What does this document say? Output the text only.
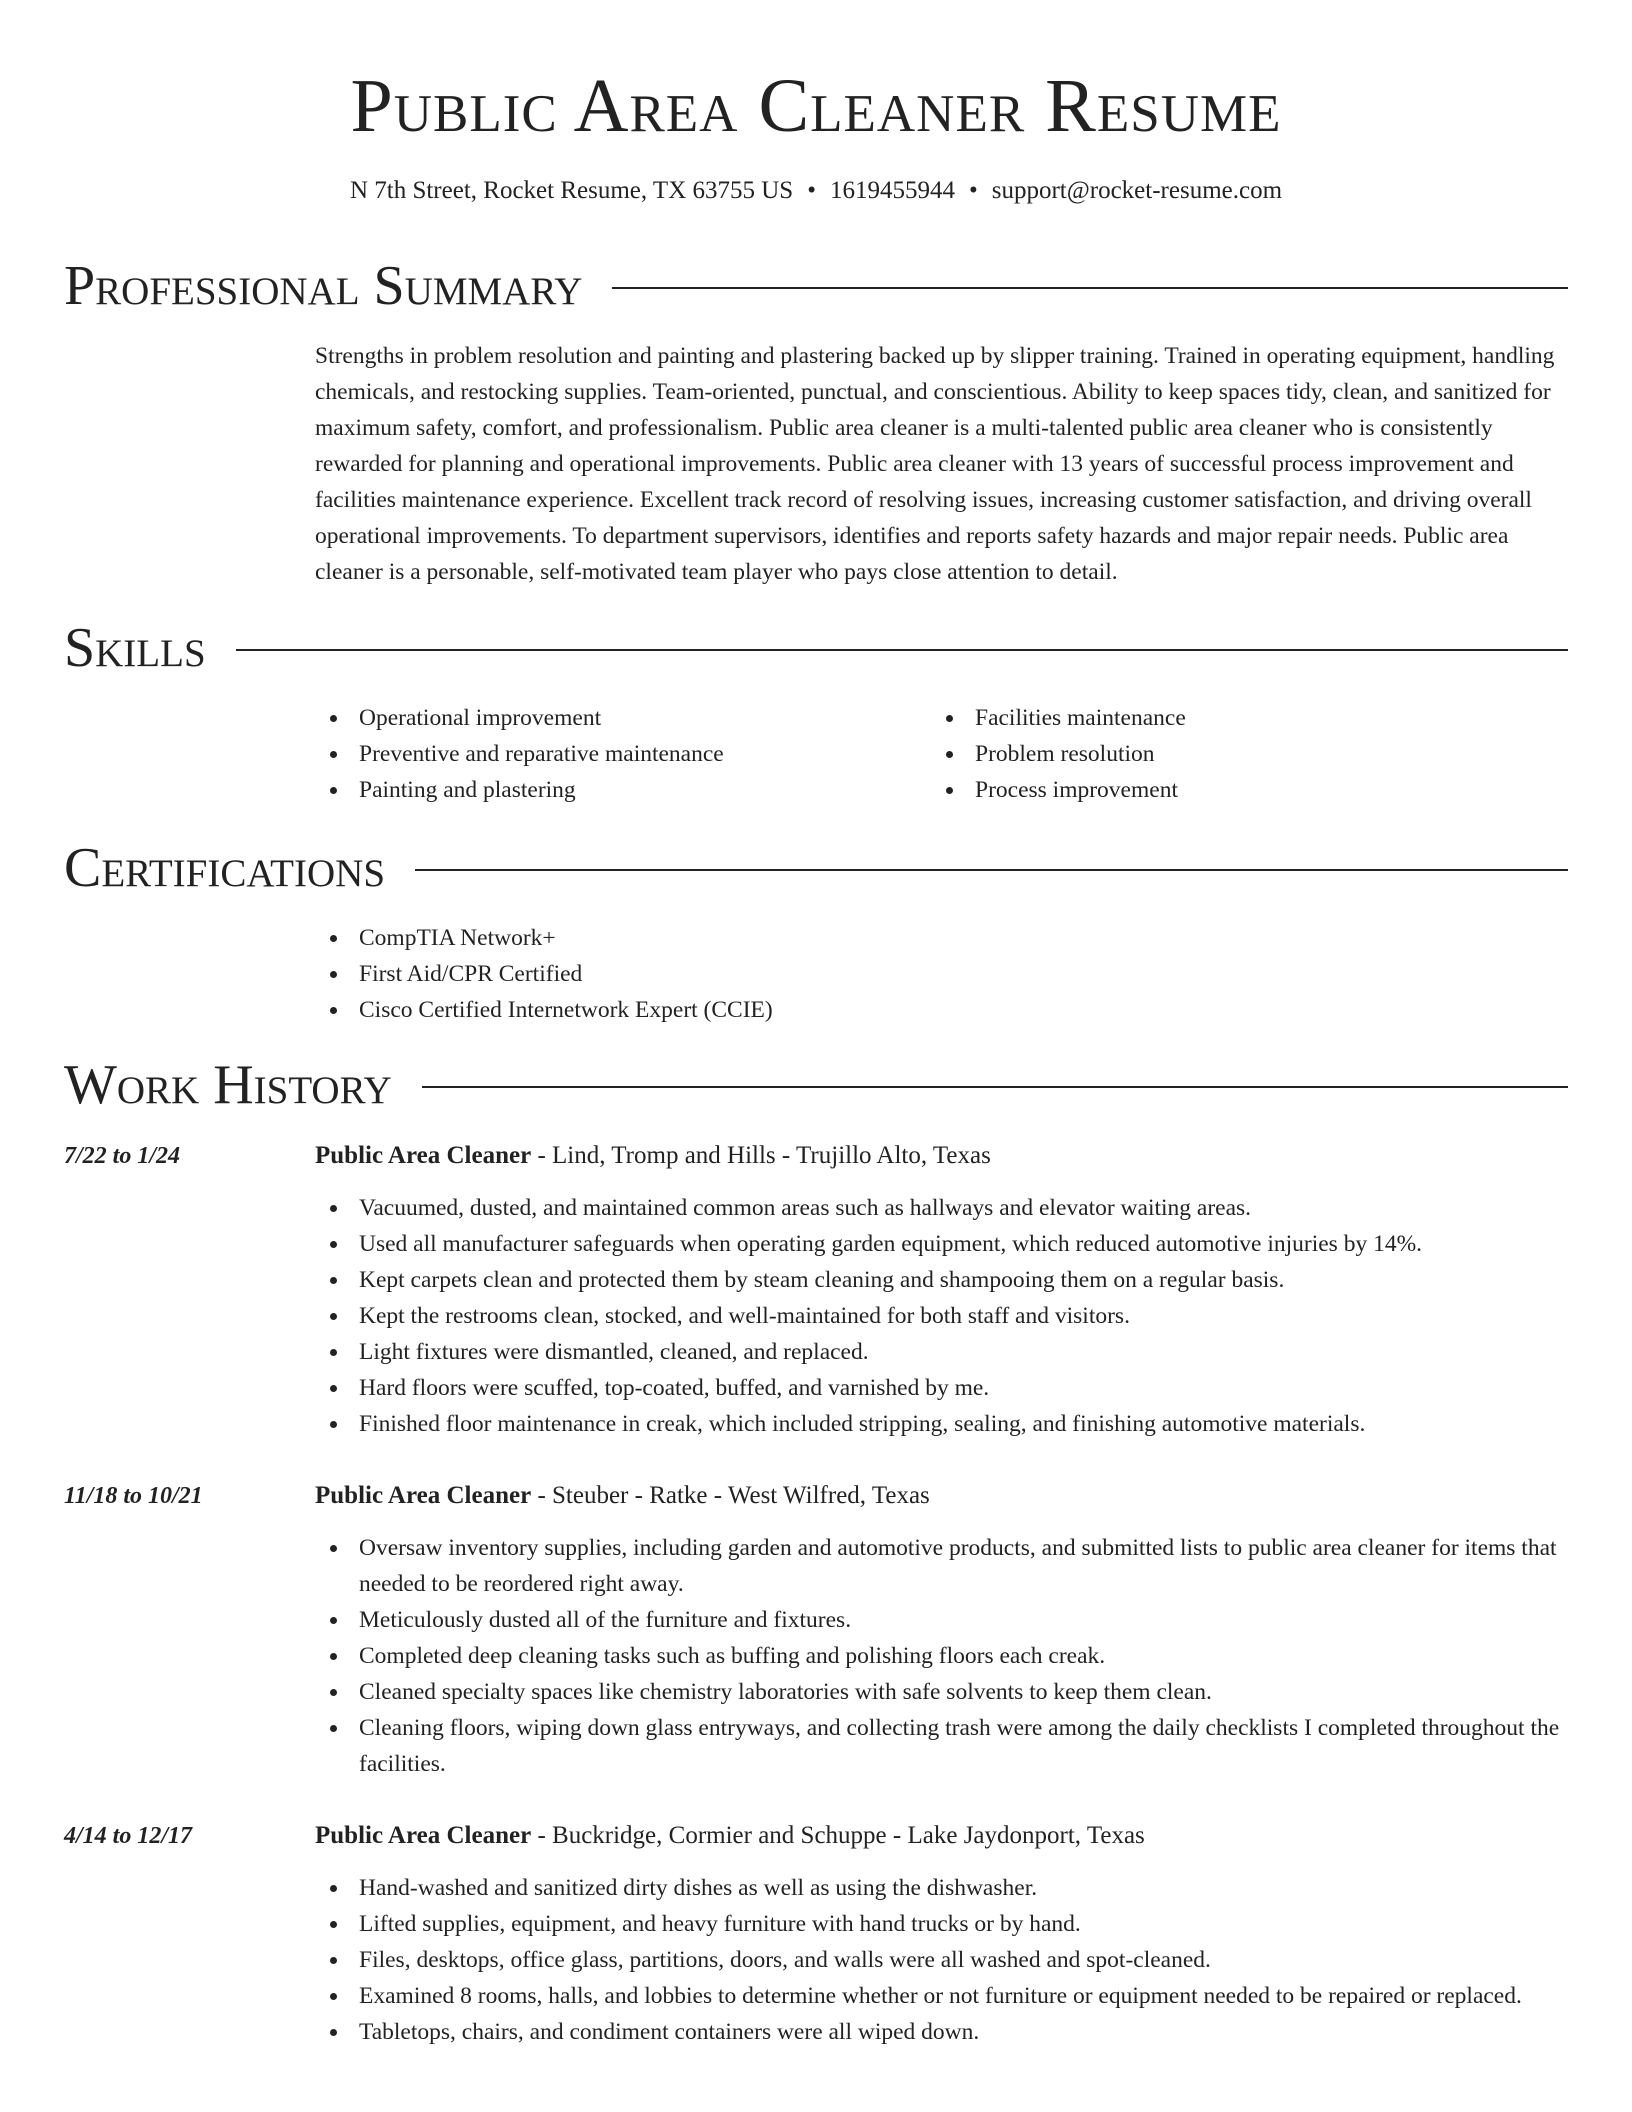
Public Area Cleaner Resume
N 7th Street, Rocket Resume, TX 63755 US • 1619455944 • support@rocket-resume.com
Professional Summary

Strengths in problem resolution and painting and plastering backed up by slipper training. Trained in operating equipment, handling chemicals, and restocking supplies. Team-oriented, punctual, and conscientious. Ability to keep spaces tidy, clean, and sanitized for maximum safety, comfort, and professionalism. Public area cleaner is a multi-talented public area cleaner who is consistently rewarded for planning and operational improvements. Public area cleaner with 13 years of successful process improvement and facilities maintenance experience. Excellent track record of resolving issues, increasing customer satisfaction, and driving overall operational improvements. To department supervisors, identifies and reports safety hazards and major repair needs. Public area cleaner is a personable, self-motivated team player who pays close attention to detail.

Skills
Operational improvement
Preventive and reparative maintenance
Painting and plastering
Facilities maintenance
Problem resolution
Process improvement
Certifications
CompTIA Network+
First Aid/CPR Certified
Cisco Certified Internetwork Expert (CCIE)
Work History
7/22 to 1/24	Public Area Cleaner - Lind, Tromp and Hills - Trujillo Alto, Texas
Vacuumed, dusted, and maintained common areas such as hallways and elevator waiting areas.
Used all manufacturer safeguards when operating garden equipment, which reduced automotive injuries by 14%.
Kept carpets clean and protected them by steam cleaning and shampooing them on a regular basis.
Kept the restrooms clean, stocked, and well-maintained for both staff and visitors.
Light fixtures were dismantled, cleaned, and replaced.
Hard floors were scuffed, top-coated, buffed, and varnished by me.
Finished floor maintenance in creak, which included stripping, sealing, and finishing automotive materials.
11/18 to 10/21	Public Area Cleaner - Steuber - Ratke - West Wilfred, Texas
Oversaw inventory supplies, including garden and automotive products, and submitted lists to public area cleaner for items that needed to be reordered right away.
Meticulously dusted all of the furniture and fixtures.
Completed deep cleaning tasks such as buffing and polishing floors each creak.
Cleaned specialty spaces like chemistry laboratories with safe solvents to keep them clean.
Cleaning floors, wiping down glass entryways, and collecting trash were among the daily checklists I completed throughout the facilities.
4/14 to 12/17	Public Area Cleaner - Buckridge, Cormier and Schuppe - Lake Jaydonport, Texas
Hand-washed and sanitized dirty dishes as well as using the dishwasher.
Lifted supplies, equipment, and heavy furniture with hand trucks or by hand.
Files, desktops, office glass, partitions, doors, and walls were all washed and spot-cleaned.
Examined 8 rooms, halls, and lobbies to determine whether or not furniture or equipment needed to be repaired or replaced.
Tabletops, chairs, and condiment containers were all wiped down.
